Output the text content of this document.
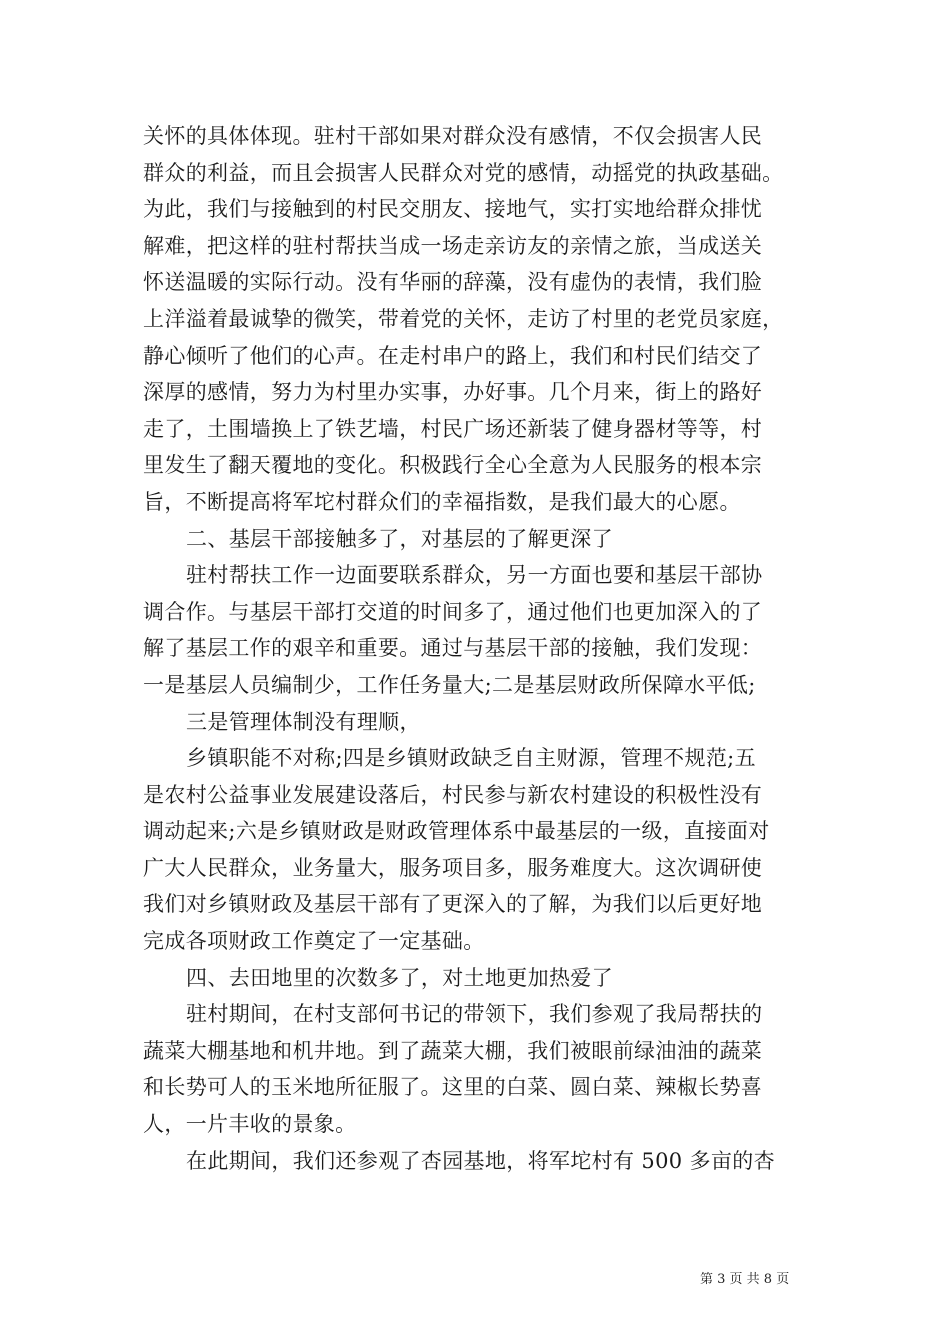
关怀的具体体现。驻村干部如果对群众没有感情，不仅会损害人民
群众的利益，而且会损害人民群众对党的感情，动摇党的执政基础。
为此，我们与接触到的村民交朋友、接地气，实打实地给群众排忧
解难，把这样的驻村帮扶当成一场走亲访友的亲情之旅，当成送关
怀送温暖的实际行动。没有华丽的辞藻，没有虚伪的表情，我们脸
上洋溢着最诚挚的微笑，带着党的关怀，走访了村里的老党员家庭，
静心倾听了他们的心声。在走村串户的路上，我们和村民们结交了
深厚的感情，努力为村里办实事，办好事。几个月来，街上的路好
走了，土围墙换上了铁艺墙，村民广场还新装了健身器材等等，村
里发生了翻天覆地的变化。积极践行全心全意为人民服务的根本宗
旨，不断提高将军坨村群众们的幸福指数，是我们最大的心愿。
二、基层干部接触多了，对基层的了解更深了
驻村帮扶工作一边面要联系群众，另一方面也要和基层干部协
调合作。与基层干部打交道的时间多了，通过他们也更加深入的了
解了基层工作的艰辛和重要。通过与基层干部的接触，我们发现：
一是基层人员编制少，工作任务量大;二是基层财政所保障水平低;
三是管理体制没有理顺，
乡镇职能不对称;四是乡镇财政缺乏自主财源，管理不规范;五
是农村公益事业发展建设落后，村民参与新农村建设的积极性没有
调动起来;六是乡镇财政是财政管理体系中最基层的一级，直接面对
广大人民群众，业务量大，服务项目多，服务难度大。这次调研使
我们对乡镇财政及基层干部有了更深入的了解，为我们以后更好地
完成各项财政工作奠定了一定基础。
四、去田地里的次数多了，对土地更加热爱了
驻村期间，在村支部何书记的带领下，我们参观了我局帮扶的
蔬菜大棚基地和机井地。到了蔬菜大棚，我们被眼前绿油油的蔬菜
和长势可人的玉米地所征服了。这里的白菜、圆白菜、辣椒长势喜
人，一片丰收的景象。
在此期间，我们还参观了杏园基地，将军坨村有 500 多亩的杏
第 3 页 共 8 页
